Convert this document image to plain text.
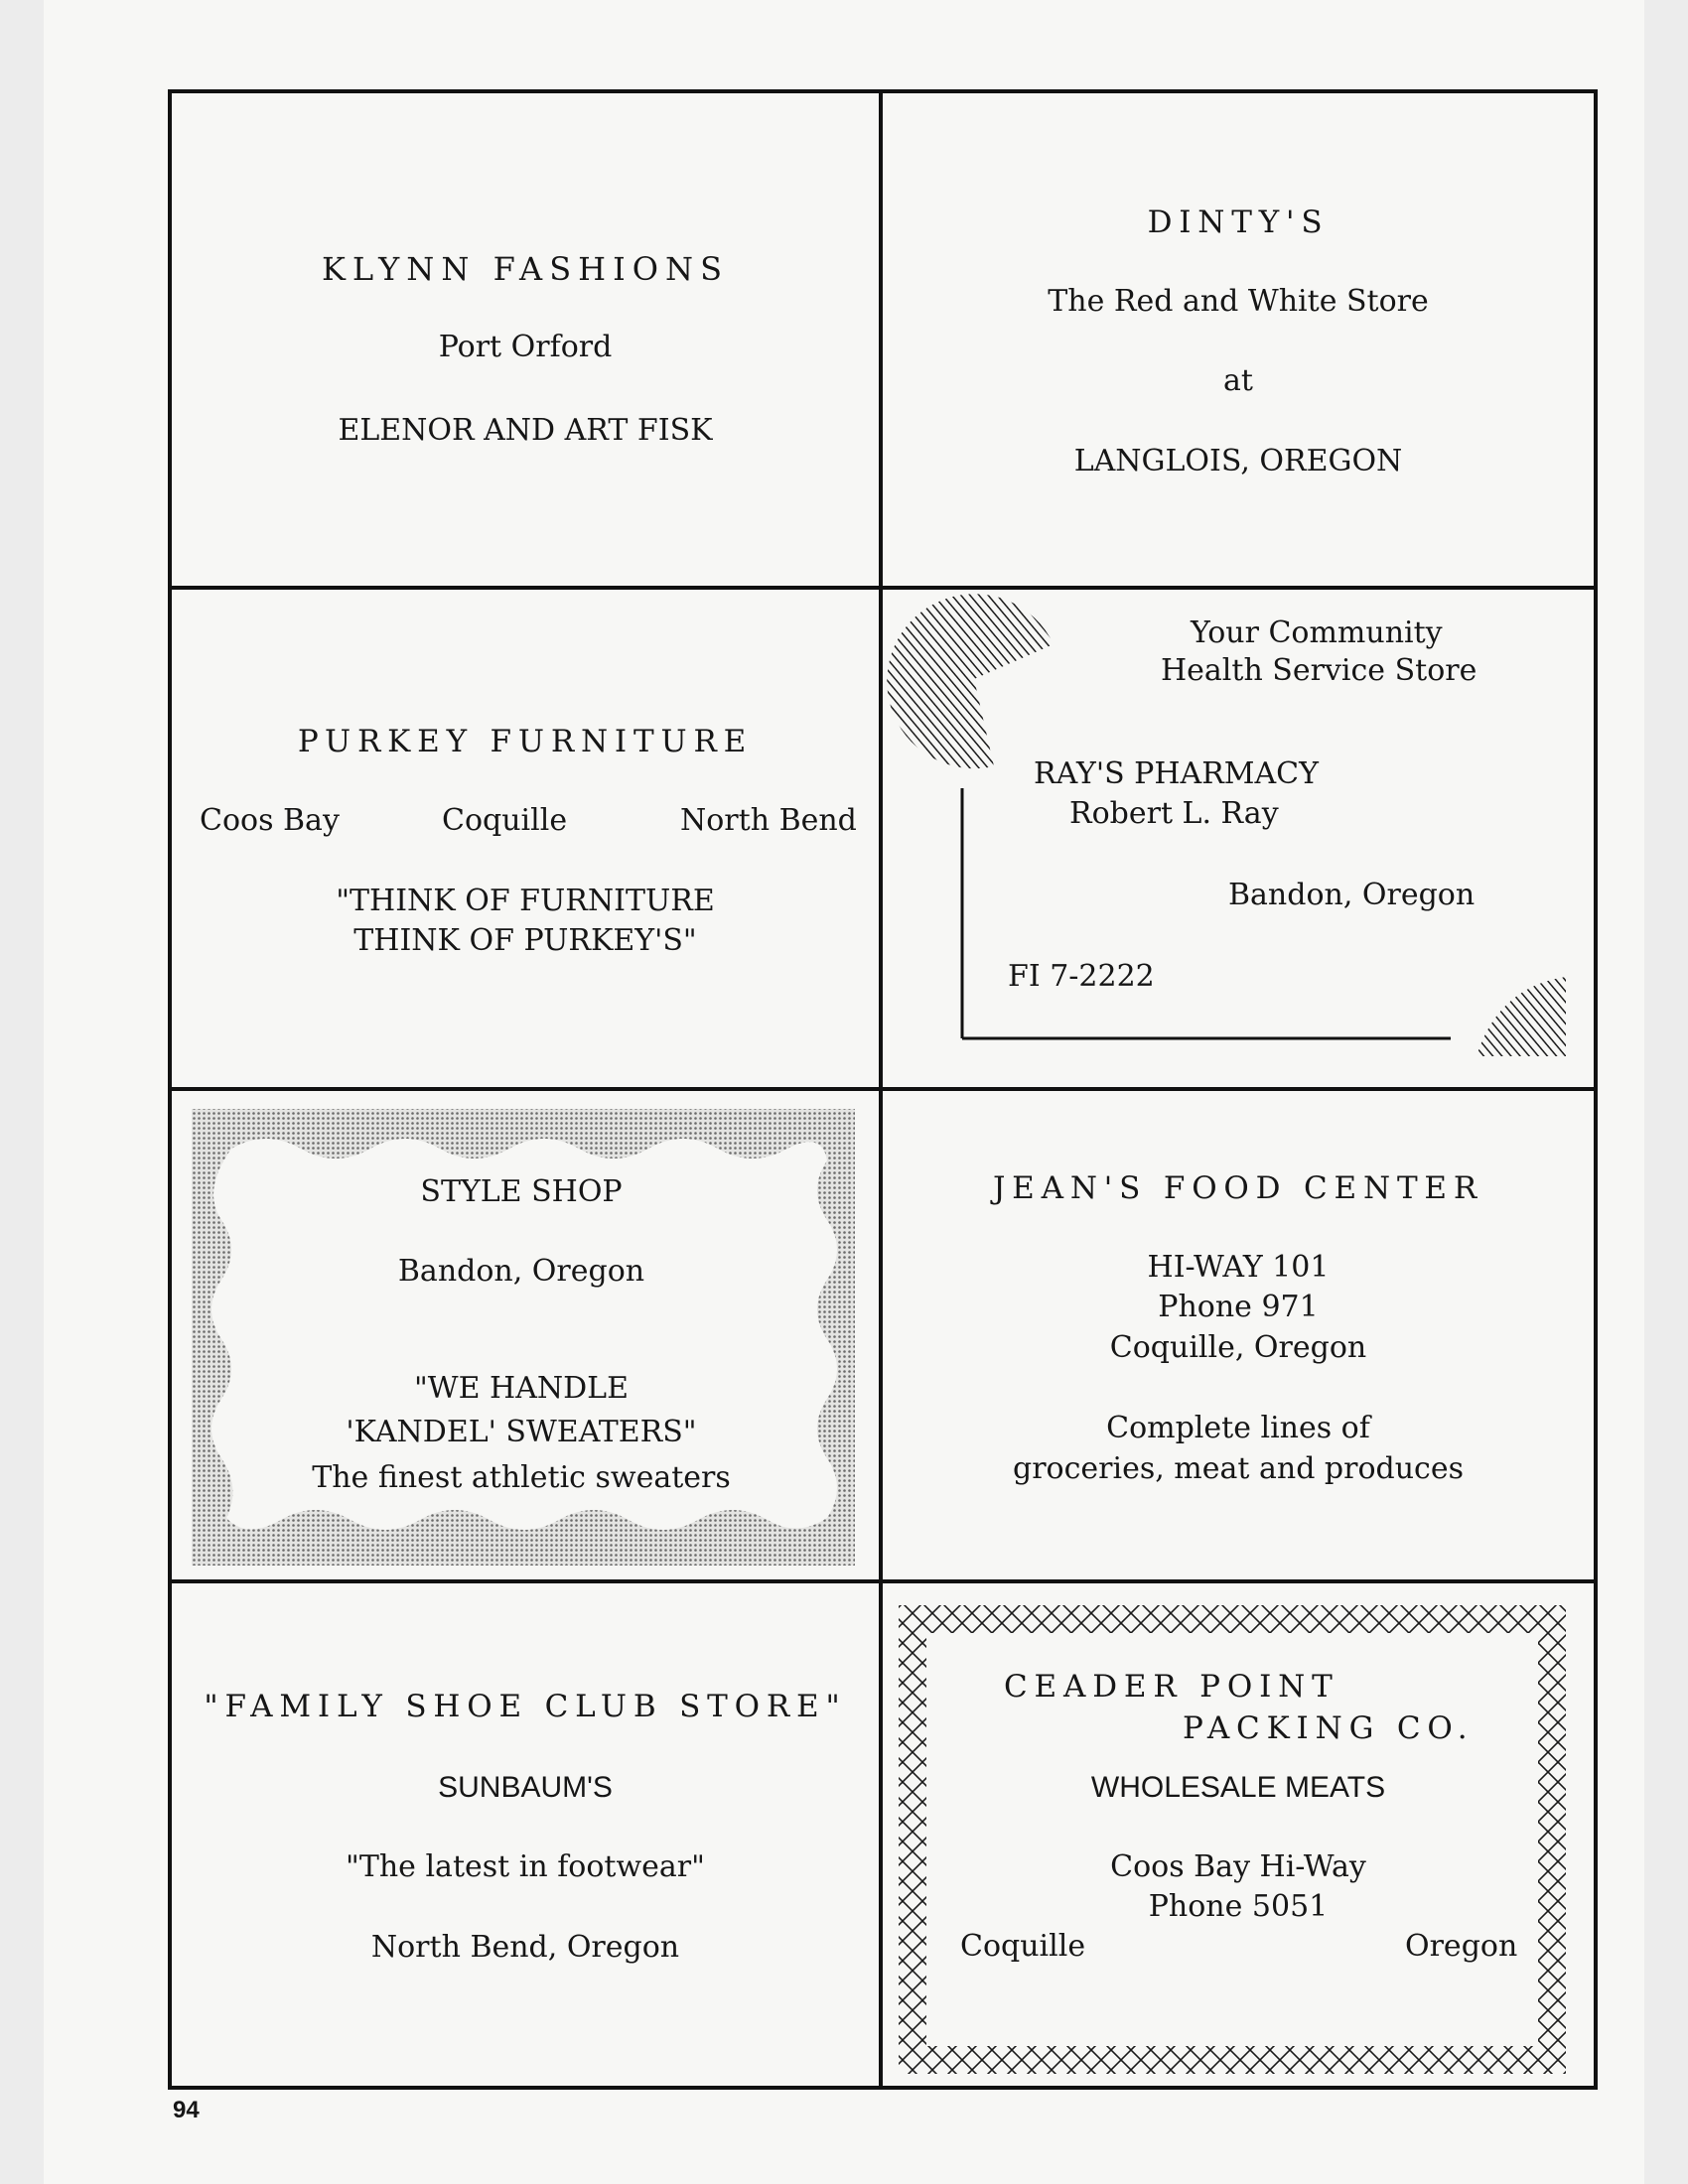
KLYNN FASHIONS
Port Orford
ELENOR AND ART FISK
DINTY'S
The Red and White Store
at
LANGLOIS, OREGON
PURKEY FURNITURE
Coos Bay	Coquille	North Bend
"THINK OF FURNITURE
THINK OF PURKEY'S"
Your Community
Health Service Store
RAY'S PHARMACY
Robert L. Ray
Bandon, Oregon
FI 7-2222
STYLE SHOP
Bandon, Oregon
"WE HANDLE
'KANDEL' SWEATERS"
The finest athletic sweaters
JEAN'S FOOD CENTER
HI-WAY 101
Phone 971
Coquille, Oregon
Complete lines of
groceries, meat and produces
"FAMILY SHOE CLUB STORE"
SUNBAUM'S
"The latest in footwear"
North Bend, Oregon
CEADER POINT
PACKING CO.
WHOLESALE MEATS
Coos Bay Hi-Way
Phone 5051
Coquille	Oregon
94
